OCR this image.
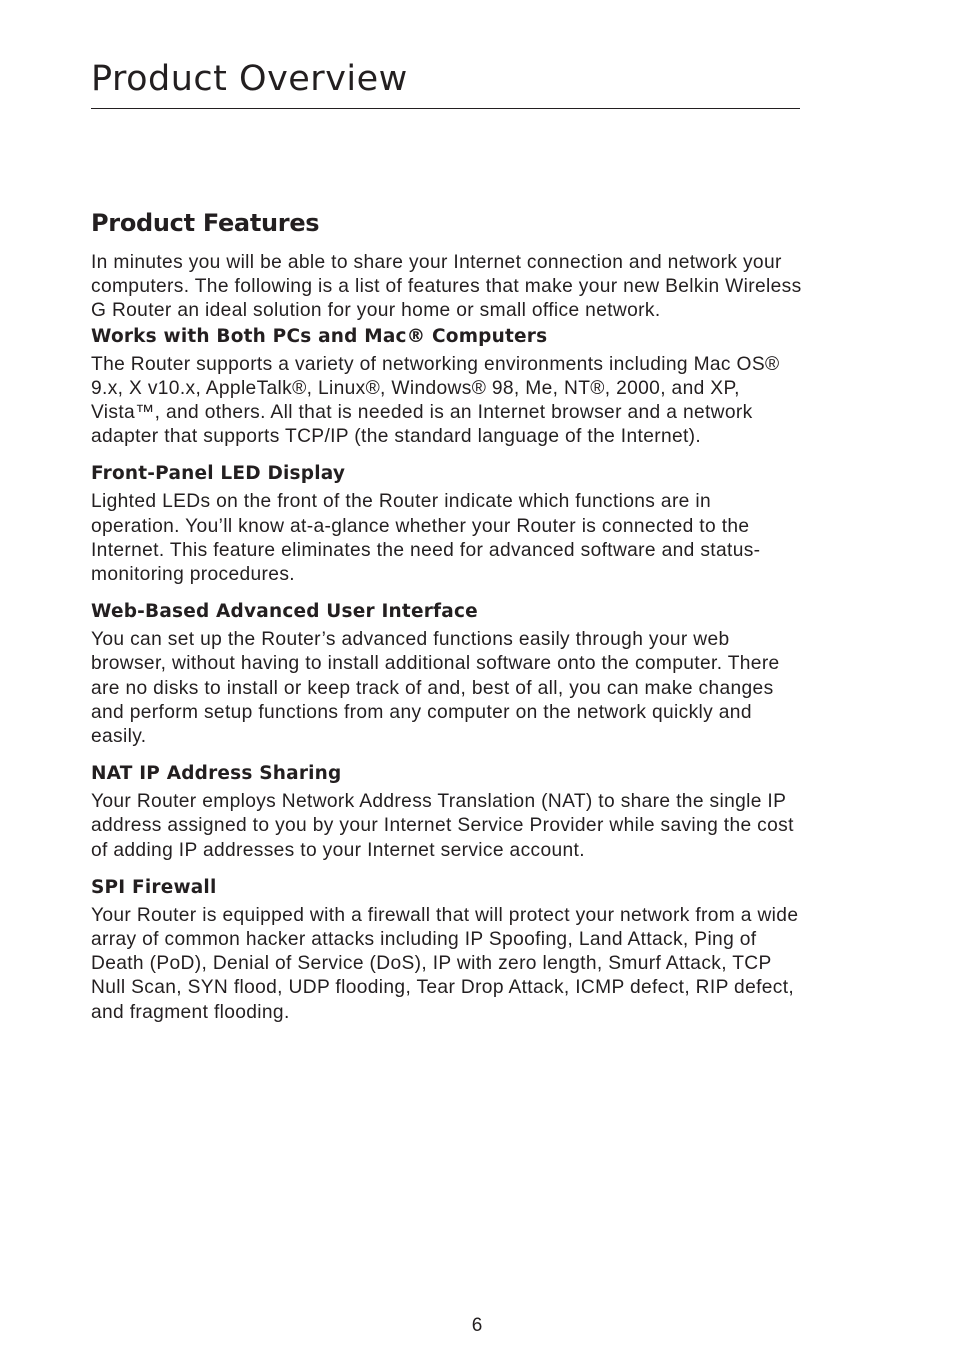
Product Overview
Product Features

In minutes you will be able to share your Internet connection and network your computers. The following is a list of features that make your new Belkin Wireless G Router an ideal solution for your home or small office network.

Works with Both PCs and Mac® Computers

The Router supports a variety of networking environments including Mac OS® 9.x, X v10.x, AppleTalk®, Linux®, Windows® 98, Me, NT®, 2000, and XP, Vista™, and others. All that is needed is an Internet browser and a network adapter that supports TCP/IP (the standard language of the Internet).

Front-Panel LED Display

Lighted LEDs on the front of the Router indicate which functions are in operation. You’ll know at-a-glance whether your Router is connected to the Internet. This feature eliminates the need for advanced software and status-monitoring procedures.

Web-Based Advanced User Interface

You can set up the Router’s advanced functions easily through your web browser, without having to install additional software onto the computer. There are no disks to install or keep track of and, best of all, you can make changes and perform setup functions from any computer on the network quickly and easily.

NAT IP Address Sharing

Your Router employs Network Address Translation (NAT) to share the single IP address assigned to you by your Internet Service Provider while saving the cost of adding IP addresses to your Internet service account.

SPI Firewall

Your Router is equipped with a firewall that will protect your network from a wide array of common hacker attacks including IP Spoofing, Land Attack, Ping of Death (PoD), Denial of Service (DoS), IP with zero length, Smurf Attack, TCP Null Scan, SYN flood, UDP flooding, Tear Drop Attack, ICMP defect, RIP defect, and fragment flooding.

6
